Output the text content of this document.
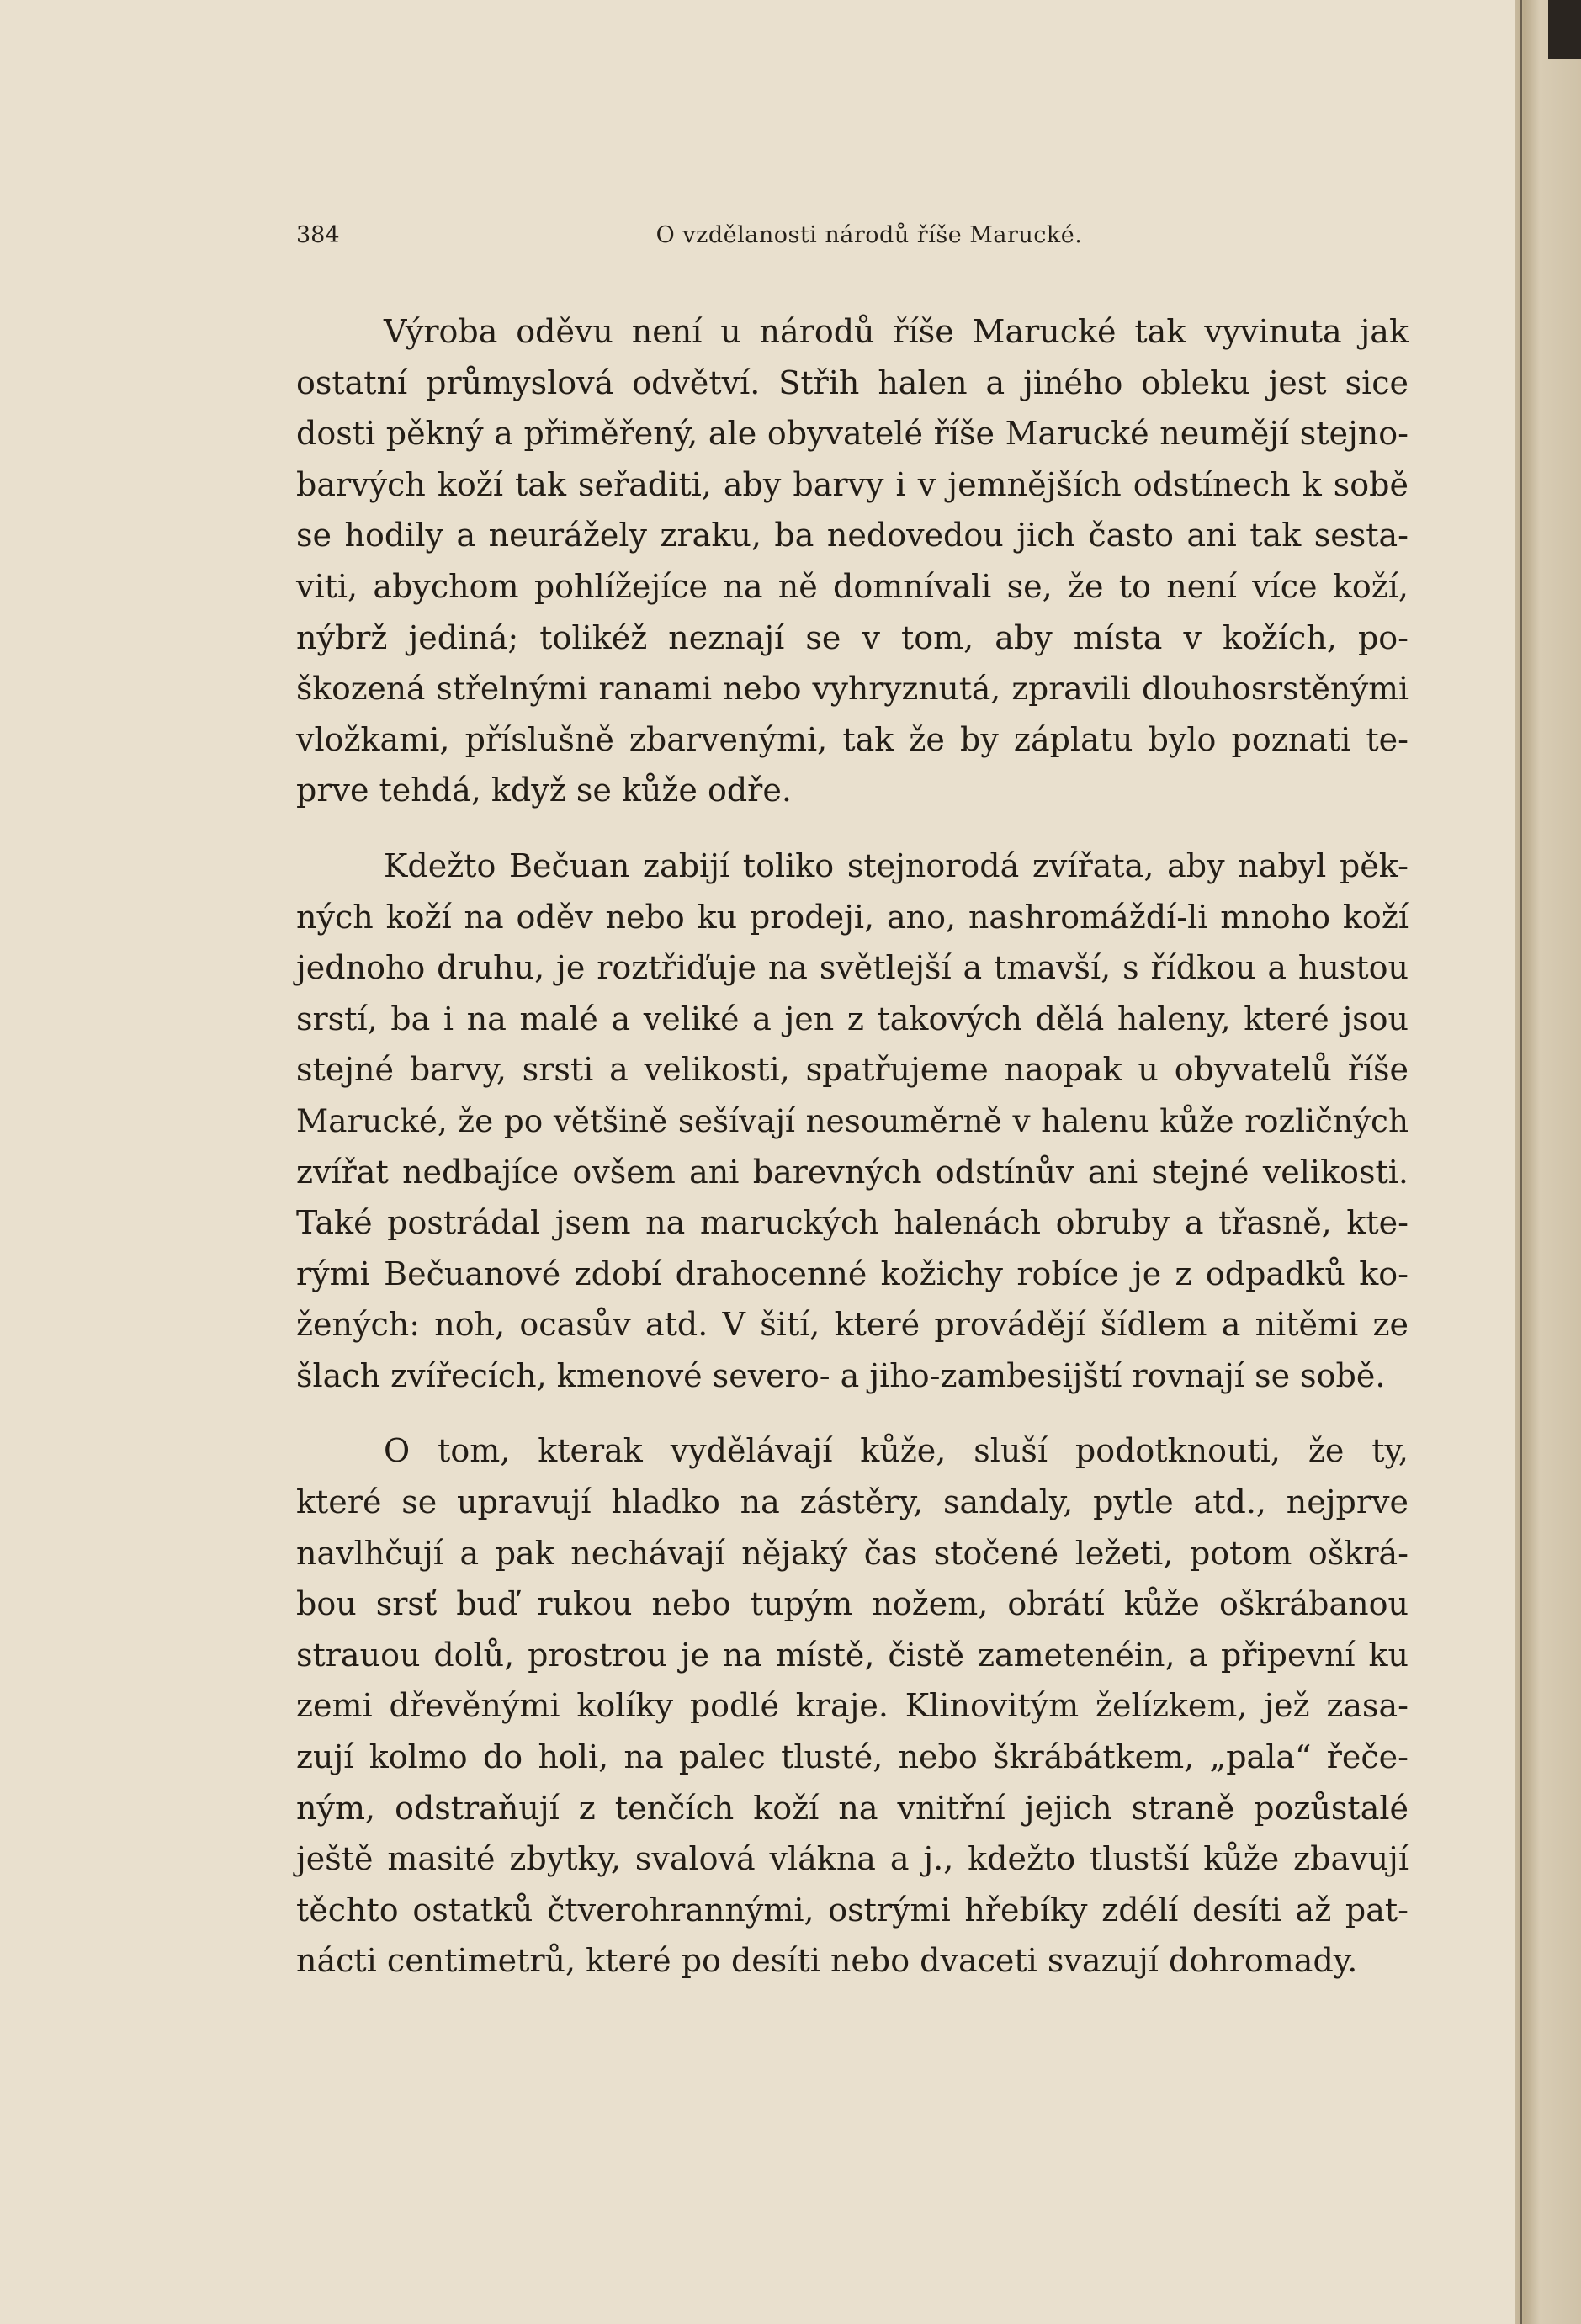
384	O vzdělanosti národů říše Marucké.

Výroba oděvu není u národů říše Marucké tak vyvinuta jak
ostatní průmyslová odvětví. Střih halen a jiného obleku jest sice
dosti pěkný a přiměřený, ale obyvatelé říše Marucké neumějí stejno-
barvých koží tak seřaditi, aby barvy i v jemnějších odstínech k sobě
se hodily a neurážely zraku, ba nedovedou jich často ani tak sesta-
viti, abychom pohlížejíce na ně domnívali se, že to není více koží,
nýbrž jediná; tolikéž neznají se v tom, aby místa v kožích, po-
škozená střelnými ranami nebo vyhryznutá, zpravili dlouhosrstěnými
vložkami, příslušně zbarvenými, tak že by záplatu bylo poznati te-
prve tehdá, když se kůže odře.

Kdežto Bečuan zabijí toliko stejnorodá zvířata, aby nabyl pěk-
ných koží na oděv nebo ku prodeji, ano, nashromáždí-li mnoho koží
jednoho druhu, je roztřiďuje na světlejší a tmavší, s řídkou a hustou
srstí, ba i na malé a veliké a jen z takových dělá haleny, které jsou
stejné barvy, srsti a velikosti, spatřujeme naopak u obyvatelů říše
Marucké, že po většině sešívají nesouměrně v halenu kůže rozličných
zvířat nedbajíce ovšem ani barevných odstínův ani stejné velikosti.
Také postrádal jsem na maruckých halenách obruby a třasně, kte-
rými Bečuanové zdobí drahocenné kožichy robíce je z odpadků ko-
žených: noh, ocasův atd. V šití, které provádějí šídlem a nitěmi ze
šlach zvířecích, kmenové severo- a jiho-zambesijští rovnají se sobě.

O tom, kterak vydělávají kůže, sluší podotknouti, že ty,
které se upravují hladko na zástěry, sandaly, pytle atd., nejprve
navlhčují a pak nechávají nějaký čas stočené ležeti, potom oškrá-
bou srsť buď rukou nebo tupým nožem, obrátí kůže oškrábanou
strauou dolů, prostrou je na místě, čistě zametenéin, a připevní ku
zemi dřevěnými kolíky podlé kraje. Klinovitým želízkem, jež zasa-
zují kolmo do holi, na palec tlusté, nebo škrábátkem, „pala“ řeče-
ným, odstraňují z tenčích koží na vnitřní jejich straně pozůstalé
ještě masité zbytky, svalová vlákna a j., kdežto tlustší kůže zbavují
těchto ostatků čtverohrannými, ostrými hřebíky zdélí desíti až pat-
nácti centimetrů, které po desíti nebo dvaceti svazují dohromady.
